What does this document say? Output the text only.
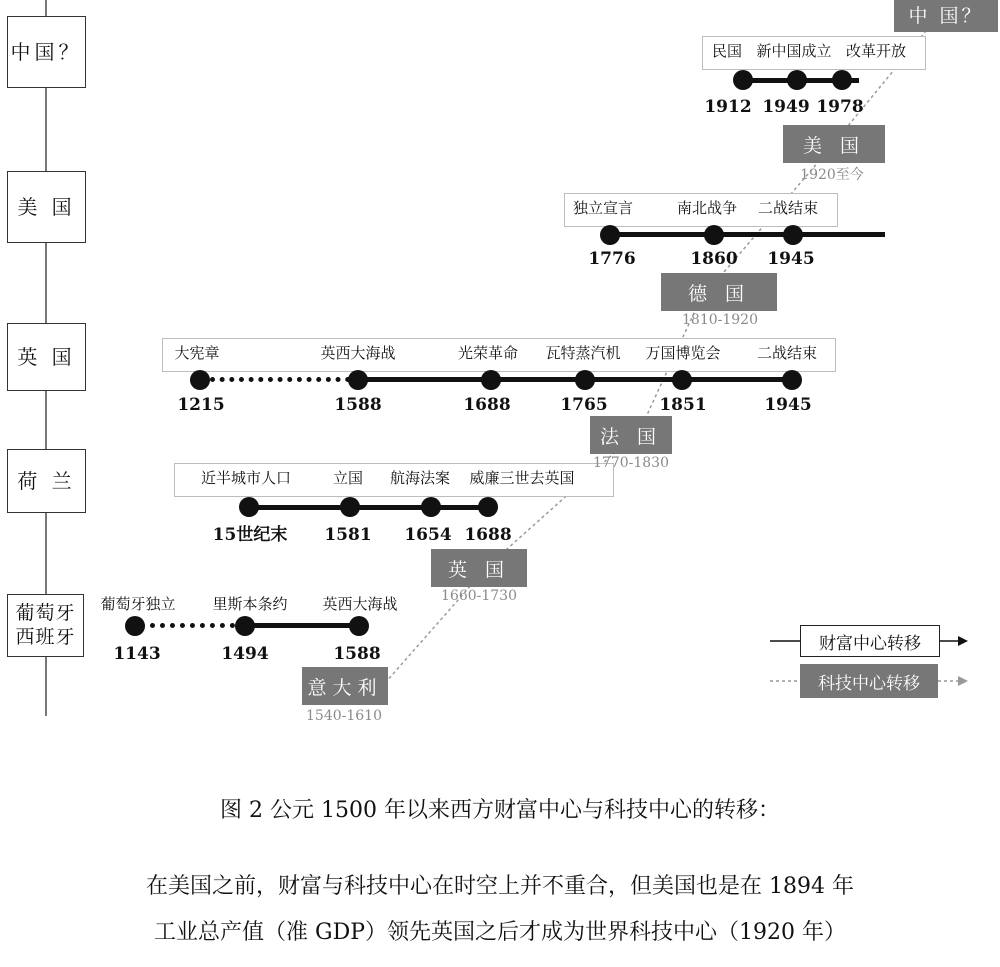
中国？
美 国
英 国
荷 兰
葡萄牙
西班牙
民国 新中国成立 改革开放
1912 1949 1978
独立宣言	南北战争 二战结束
1776	1860 1945
大宪章	英西大海战	光荣革命 瓦特蒸汽机 万国博览会 二战结束
1215	1588	1688	1765	1851	1945
近半城市人口	立国 航海法案 威廉三世去英国
15世纪末 1581 1654 1688
葡萄牙独立 里斯本条约 英西大海战
1143	1494	1588
意大利
1540-1610
英 国
1660-1730
法 国
1770-1830
德 国
1810-1920
美 国
1920至今
中 国？
财富中心转移
科技中心转移
图 2 公元 1500 年以来西方财富中心与科技中心的转移：
在美国之前，财富与科技中心在时空上并不重合，但美国也是在 1894 年
工业总产值（准 GDP）领先英国之后才成为世界科技中心（1920 年）
